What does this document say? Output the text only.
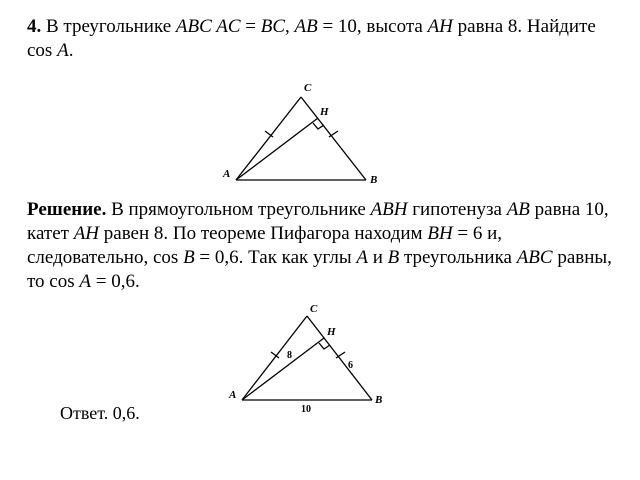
4. В треугольнике ABC AC = BC, AB = 10, высота AH равна 8. Найдите cos A.

C
H
A	B

Решение. В прямоугольном треугольнике ABH гипотенуза AB равна 10, катет AH равен 8. По теореме Пифагора находим BH = 6 и, следовательно, cos B = 0,6. Так как углы A и B треугольника ABC равны, то cos A = 0,6.

C
H
A	B
8
6
10

Ответ. 0,6.
